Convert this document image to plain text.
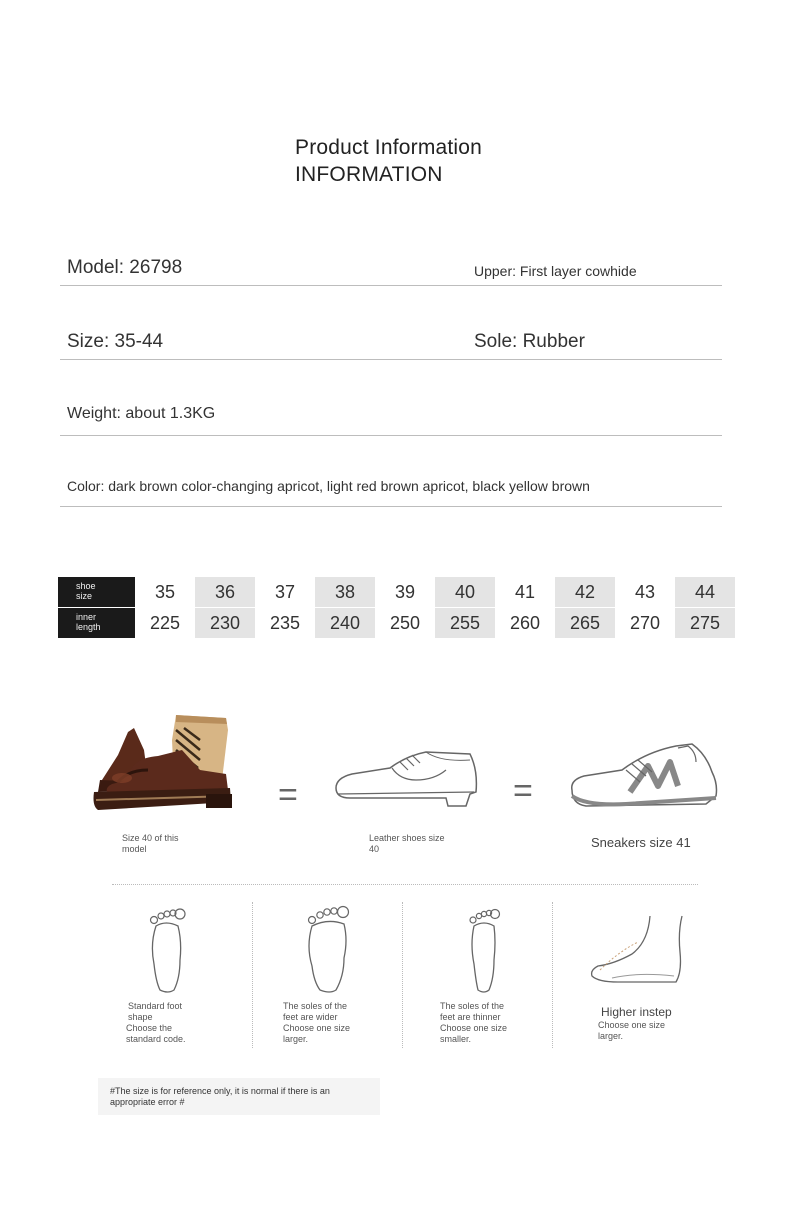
Product Information
INFORMATION
Model: 26798	Upper: First layer cowhide
Size: 35-44	Sole: Rubber
Weight: about 1.3KG
Color: dark brown color-changing apricot, light red brown apricot, black yellow brown
shoe
size	35	36	37	38	39	40	41	42	43	44
inner
length	225	230	235	240	250	255	260	265	270	275
=	=
Size 40 of this
model
Leather shoes size
40	Sneakers size 41
Standard foot
shape
Choose the
standard code.
The soles of the
feet are wider
Choose one size
larger.
The soles of the
feet are thinner
Choose one size
smaller.
Higher instep
Choose one size
larger.
#The size is for reference only, it is normal if there is an
appropriate error #
